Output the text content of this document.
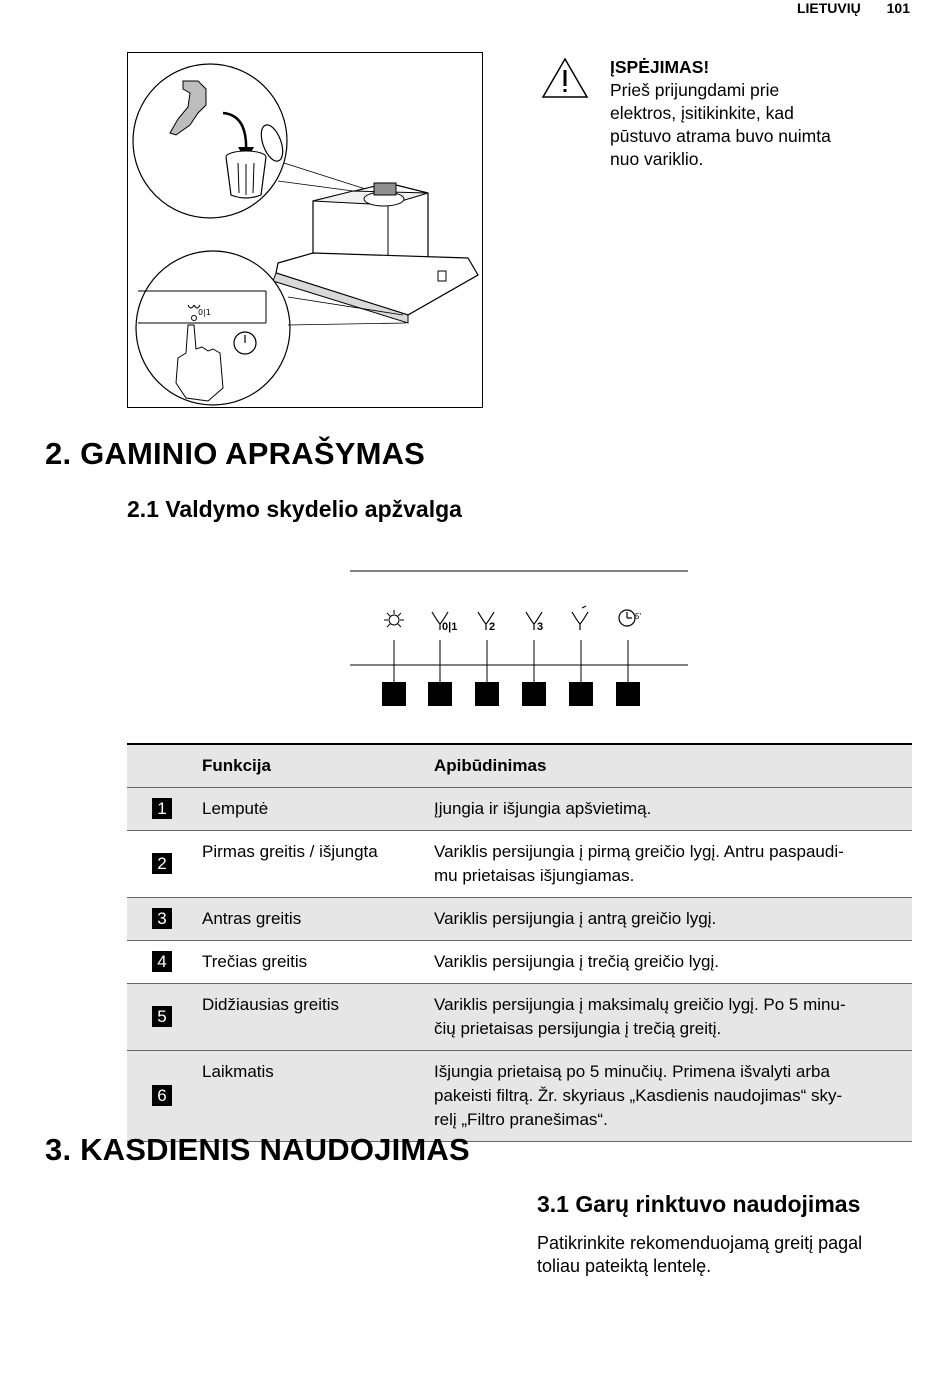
LIETUVIŲ 101
0|1
ĮSPĖJIMAS!
Prieš prijungdami prie
elektros, įsitikinkite, kad
pūstuvo atrama buvo nuimta
nuo variklio.
2. GAMINIO APRAŠYMAS
2.1 Valdymo skydelio apžvalga
0|1	2	3
5'
	Funkcija	Apibūdinimas
1	Lemputė	Įjungia ir išjungia apšvietimą.

2	Pirmas greitis / išjungta	Variklis persijungia į pirmą greičio lygį. Antru paspaudi-
mu prietaisas išjungiamas.

3	Antras greitis	Variklis persijungia į antrą greičio lygį.

4	Trečias greitis	Variklis persijungia į trečią greičio lygį.

5	Didžiausias greitis	Variklis persijungia į maksimalų greičio lygį. Po 5 minu-
čių prietaisas persijungia į trečią greitį.

6	Laikmatis	Išjungia prietaisą po 5 minučių. Primena išvalyti arba
pakeisti filtrą. Žr. skyriaus „Kasdienis naudojimas“ sky-
relį „Filtro pranešimas“.
3. KASDIENIS NAUDOJIMAS
3.1 Garų rinktuvo naudojimas
Patikrinkite rekomenduojamą greitį pagal
toliau pateiktą lentelę.
